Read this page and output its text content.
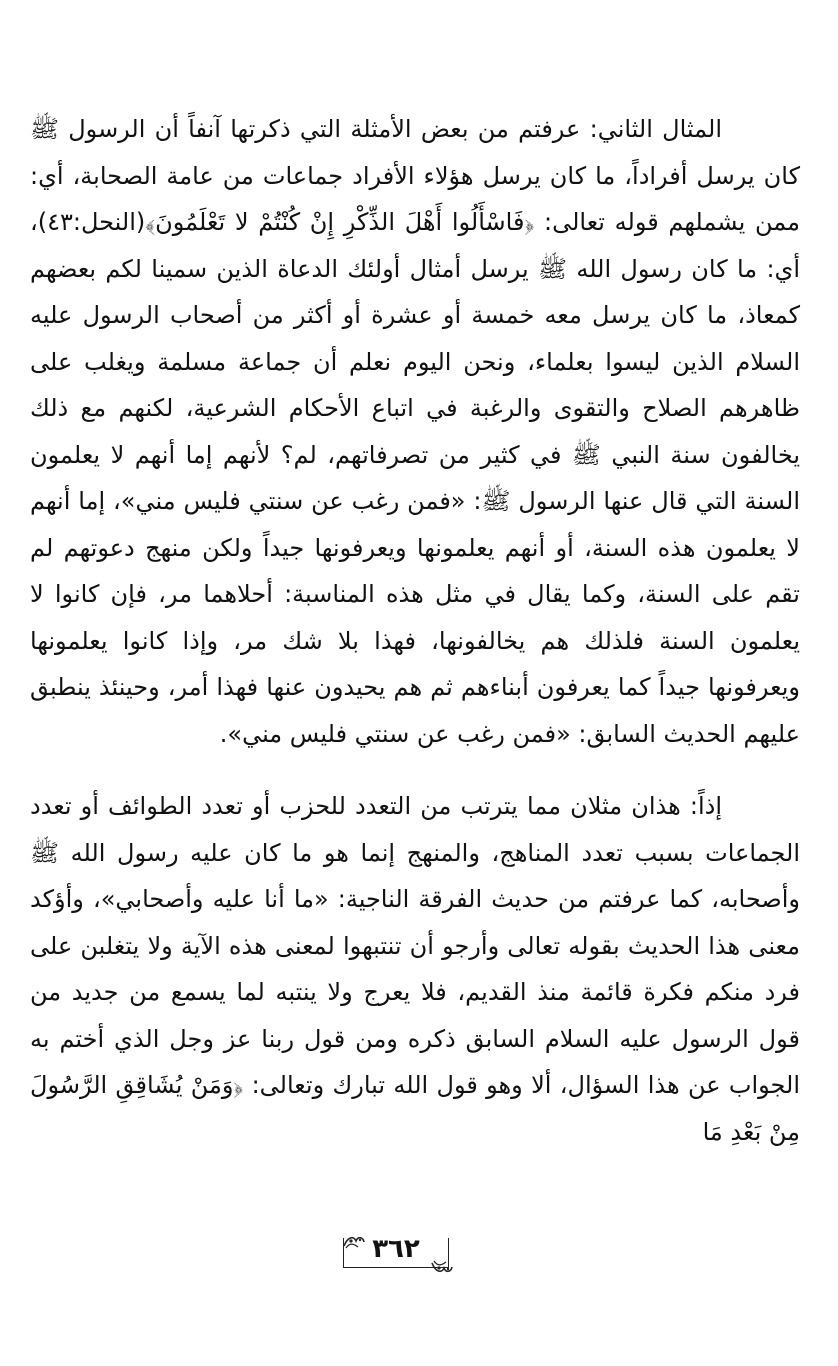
المثال الثاني: عرفتم من بعض الأمثلة التي ذكرتها آنفاً أن الرسول ﷺ كان يرسل أفراداً، ما كان يرسل هؤلاء الأفراد جماعات من عامة الصحابة، أي: ممن يشملهم قوله تعالى: ﴿فَاسْأَلُوا أَهْلَ الذِّكْرِ إِنْ كُنْتُمْ لا تَعْلَمُونَ﴾(النحل:٤٣)، أي: ما كان رسول الله ﷺ يرسل أمثال أولئك الدعاة الذين سمينا لكم بعضهم كمعاذ، ما كان يرسل معه خمسة أو عشرة أو أكثر من أصحاب الرسول عليه السلام الذين ليسوا بعلماء، ونحن اليوم نعلم أن جماعة مسلمة ويغلب على ظاهرهم الصلاح والتقوى والرغبة في اتباع الأحكام الشرعية، لكنهم مع ذلك يخالفون سنة النبي ﷺ في كثير من تصرفاتهم، لم؟ لأنهم إما أنهم لا يعلمون السنة التي قال عنها الرسول ﷺ: «فمن رغب عن سنتي فليس مني»، إما أنهم لا يعلمون هذه السنة، أو أنهم يعلمونها ويعرفونها جيداً ولكن منهج دعوتهم لم تقم على السنة، وكما يقال في مثل هذه المناسبة: أحلاهما مر، فإن كانوا لا يعلمون السنة فلذلك هم يخالفونها، فهذا بلا شك مر، وإذا كانوا يعلمونها ويعرفونها جيداً كما يعرفون أبناءهم ثم هم يحيدون عنها فهذا أمر، وحينئذ ينطبق عليهم الحديث السابق: «فمن رغب عن سنتي فليس مني».

إذاً: هذان مثلان مما يترتب من التعدد للحزب أو تعدد الطوائف أو تعدد الجماعات بسبب تعدد المناهج، والمنهج إنما هو ما كان عليه رسول الله ﷺ وأصحابه، كما عرفتم من حديث الفرقة الناجية: «ما أنا عليه وأصحابي»، وأؤكد معنى هذا الحديث بقوله تعالى وأرجو أن تنتبهوا لمعنى هذه الآية ولا يتغلبن على فرد منكم فكرة قائمة منذ القديم، فلا يعرج ولا ينتبه لما يسمع من جديد من قول الرسول عليه السلام السابق ذكره ومن قول ربنا عز وجل الذي أختم به الجواب عن هذا السؤال، ألا وهو قول الله تبارك وتعالى: ﴿وَمَنْ يُشَاقِقِ الرَّسُولَ مِنْ بَعْدِ مَا

٣٦٢
